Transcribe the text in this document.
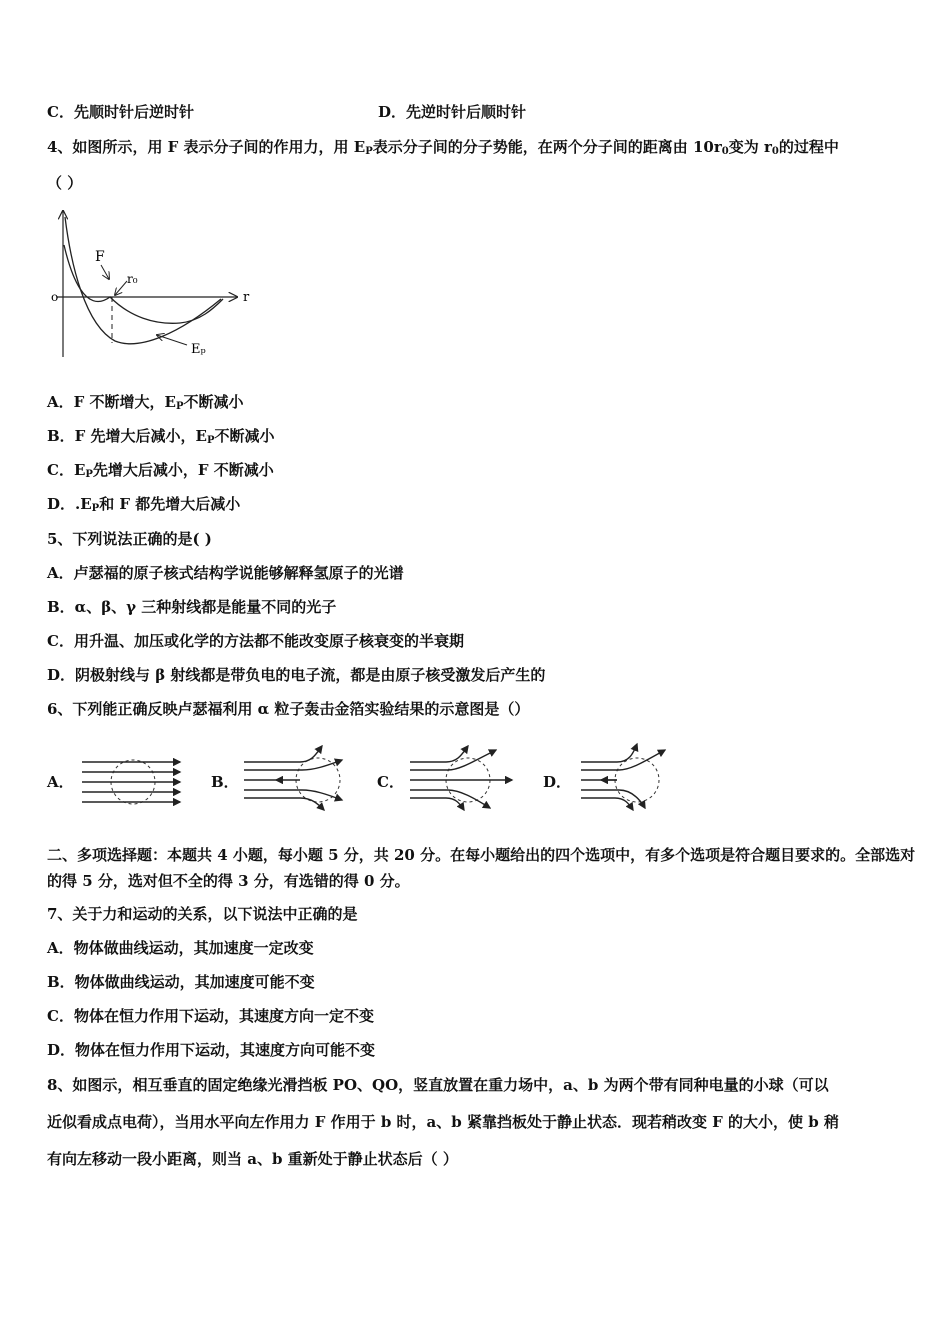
C．先顺时针后逆时针	D．先逆时针后顺时针
4、如图所示，用 F 表示分子间的作用力，用 $E_P$表示分子间的分子势能，在两个分子间的距离由 $10r_0$变为 $r_0$的过程中
（ ）
o	r
F
r₀
Eₚ
A．F 不断增大，$E_P$不断减小
B．F 先增大后减小，$E_P$不断减小
C．$E_P$先增大后减小，F 不断减小
D．$.E_P$和 F 都先增大后减小
5、下列说法正确的是( )
A．卢瑟福的原子核式结构学说能够解释氢原子的光谱
B．α、β、γ 三种射线都是能量不同的光子
C．用升温、加压或化学的方法都不能改变原子核衰变的半衰期
D．阴极射线与 β 射线都是带负电的电子流，都是由原子核受激发后产生的
6、下列能正确反映卢瑟福利用 α 粒子轰击金箔实验结果的示意图是（）
A．	B．	C．	D．
二、多项选择题：本题共 4 小题，每小题 5 分，共 20 分。在每小题给出的四个选项中，有多个选项是符合题目要求的。全部选对的得 5 分，选对但不全的得 3 分，有选错的得 0 分。
7、关于力和运动的关系，以下说法中正确的是
A．物体做曲线运动，其加速度一定改变
B．物体做曲线运动，其加速度可能不变
C．物体在恒力作用下运动，其速度方向一定不变
D．物体在恒力作用下运动，其速度方向可能不变
8、如图示，相互垂直的固定绝缘光滑挡板 PO、QO，竖直放置在重力场中，a、b 为两个带有同种电量的小球（可以
近似看成点电荷），当用水平向左作用力 F 作用于 b 时，a、b 紧靠挡板处于静止状态．现若稍改变 F 的大小，使 b 稍
有向左移动一段小距离，则当 a、b 重新处于静止状态后（ ）
